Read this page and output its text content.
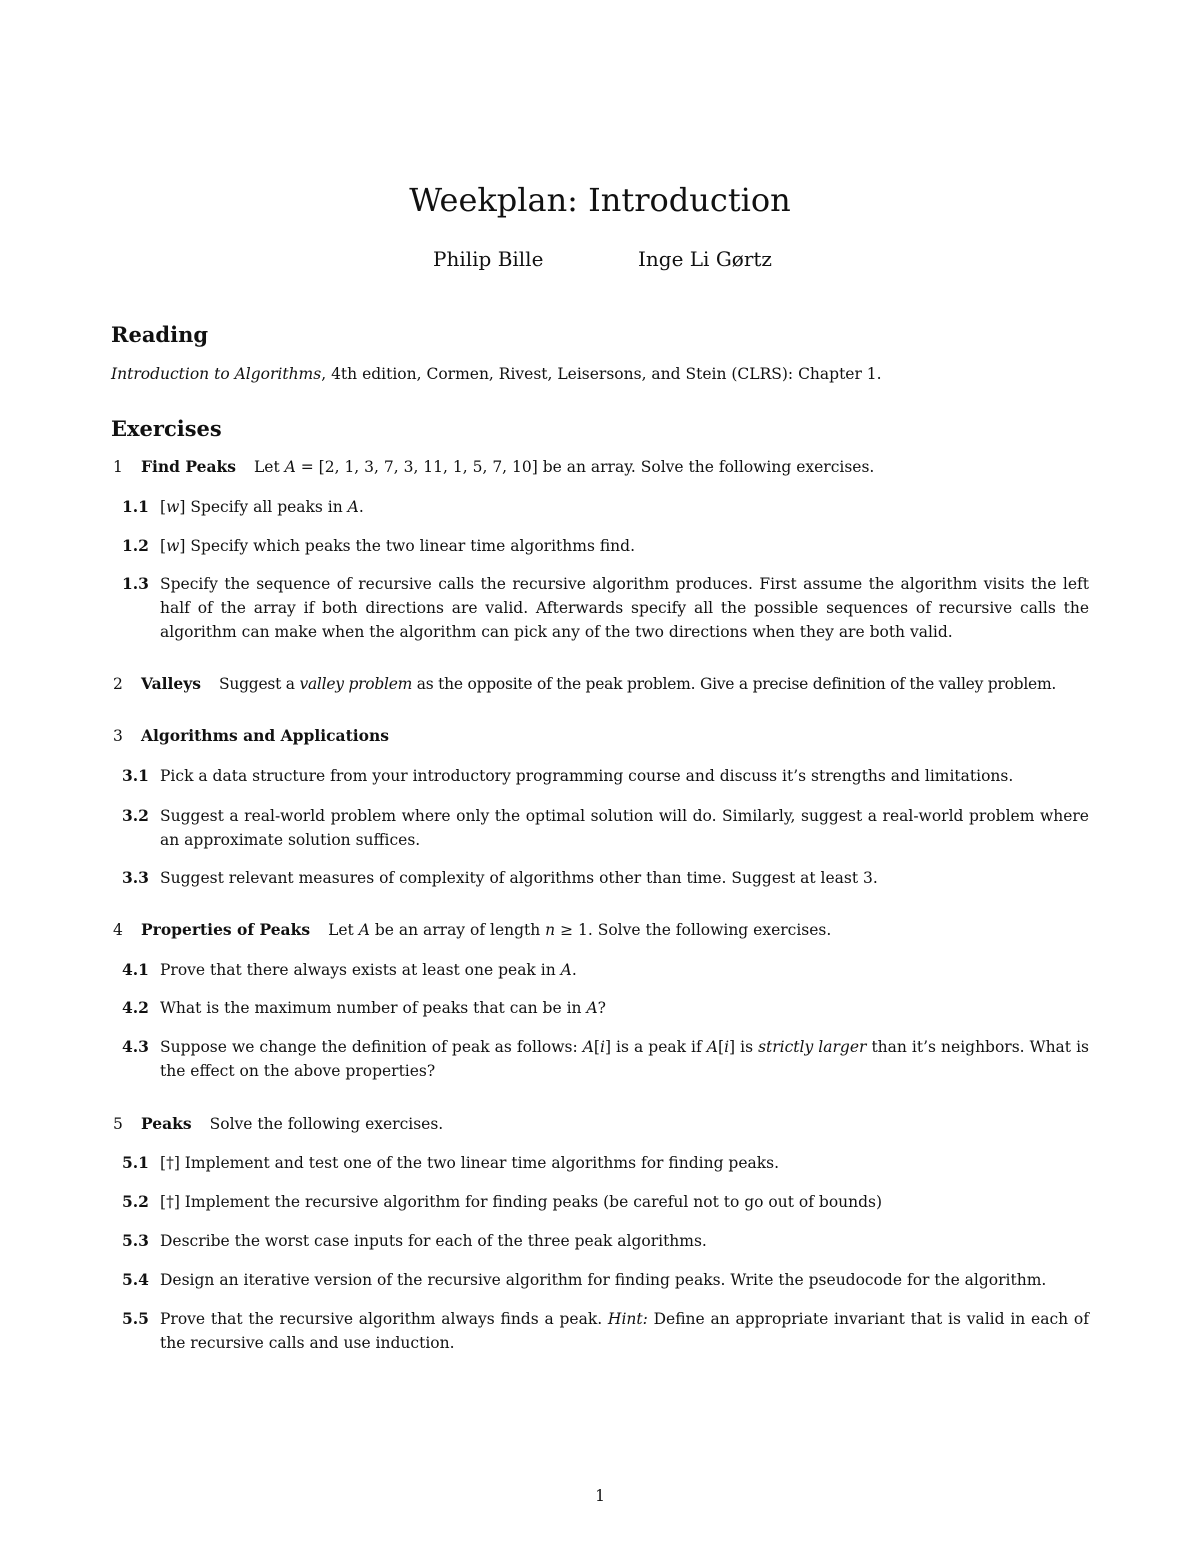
Weekplan: Introduction
Philip Bille	Inge Li Gørtz
Reading
Introduction to Algorithms, 4th edition, Cormen, Rivest, Leisersons, and Stein (CLRS): Chapter 1.
Exercises
1 Find Peaks Let A = [2, 1, 3, 7, 3, 11, 1, 5, 7, 10] be an array. Solve the following exercises.
1.1 [w] Specify all peaks in A.
1.2 [w] Specify which peaks the two linear time algorithms find.
1.3 Specify the sequence of recursive calls the recursive algorithm produces. First assume the algorithm visits the left half of the array if both directions are valid. Afterwards specify all the possible sequences of recursive calls the algorithm can make when the algorithm can pick any of the two directions when they are both valid.
2 Valleys Suggest a valley problem as the opposite of the peak problem. Give a precise definition of the valley problem.
3 Algorithms and Applications
3.1 Pick a data structure from your introductory programming course and discuss it’s strengths and limitations.
3.2 Suggest a real-world problem where only the optimal solution will do. Similarly, suggest a real-world problem where an approximate solution suffices.
3.3 Suggest relevant measures of complexity of algorithms other than time. Suggest at least 3.
4 Properties of Peaks Let A be an array of length n ≥ 1. Solve the following exercises.
4.1 Prove that there always exists at least one peak in A.
4.2 What is the maximum number of peaks that can be in A?
4.3 Suppose we change the definition of peak as follows: A[i] is a peak if A[i] is strictly larger than it’s neighbors. What is the effect on the above properties?
5 Peaks Solve the following exercises.
5.1 [†] Implement and test one of the two linear time algorithms for finding peaks.
5.2 [†] Implement the recursive algorithm for finding peaks (be careful not to go out of bounds)
5.3 Describe the worst case inputs for each of the three peak algorithms.
5.4 Design an iterative version of the recursive algorithm for finding peaks. Write the pseudocode for the algorithm.
5.5 Prove that the recursive algorithm always finds a peak. Hint: Define an appropriate invariant that is valid in each of the recursive calls and use induction.
1
